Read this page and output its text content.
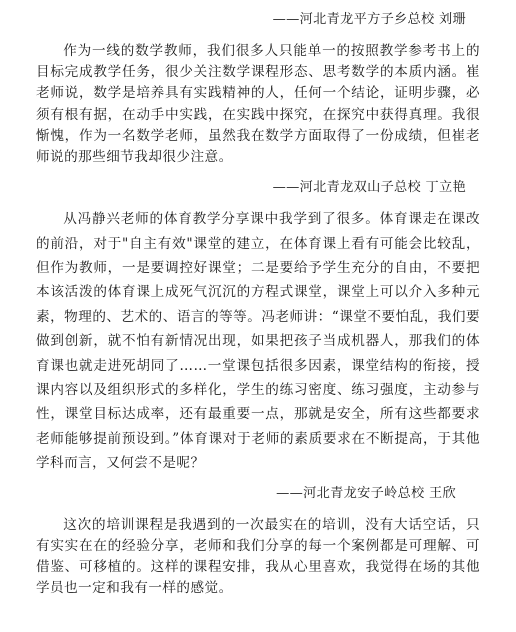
——河北青龙平方子乡总校 刘珊

作为一线的数学教师，我们很多人只能单一的按照教学参考书上的目标完成教学任务，很少关注数学课程形态、思考数学的本质内涵。崔老师说，数学是培养具有实践精神的人，任何一个结论，证明步骤，必须有根有据，在动手中实践，在实践中探究，在探究中获得真理。我很惭愧，作为一名数学老师，虽然我在数学方面取得了一份成绩，但崔老师说的那些细节我却很少注意。

——河北青龙双山子总校 丁立艳

从冯静兴老师的体育教学分享课中我学到了很多。体育课走在课改的前沿，对于"自主有效"课堂的建立，在体育课上看有可能会比较乱，但作为教师，一是要调控好课堂；二是要给予学生充分的自由，不要把本该活泼的体育课上成死气沉沉的方程式课堂，课堂上可以介入多种元素，物理的、艺术的、语言的等等。冯老师讲：“课堂不要怕乱，我们要做到创新，就不怕有新情况出现，如果把孩子当成机器人，那我们的体育课也就走进死胡同了……一堂课包括很多因素，课堂结构的衔接，授课内容以及组织形式的多样化，学生的练习密度、练习强度，主动参与性，课堂目标达成率，还有最重要一点，那就是安全，所有这些都要求老师能够提前预设到。”体育课对于老师的素质要求在不断提高，于其他学科而言，又何尝不是呢？

——河北青龙安子岭总校 王欣

这次的培训课程是我遇到的一次最实在的培训，没有大话空话，只有实实在在的经验分享，老师和我们分享的每一个案例都是可理解、可借鉴、可移植的。这样的课程安排，我从心里喜欢，我觉得在场的其他学员也一定和我有一样的感觉。
